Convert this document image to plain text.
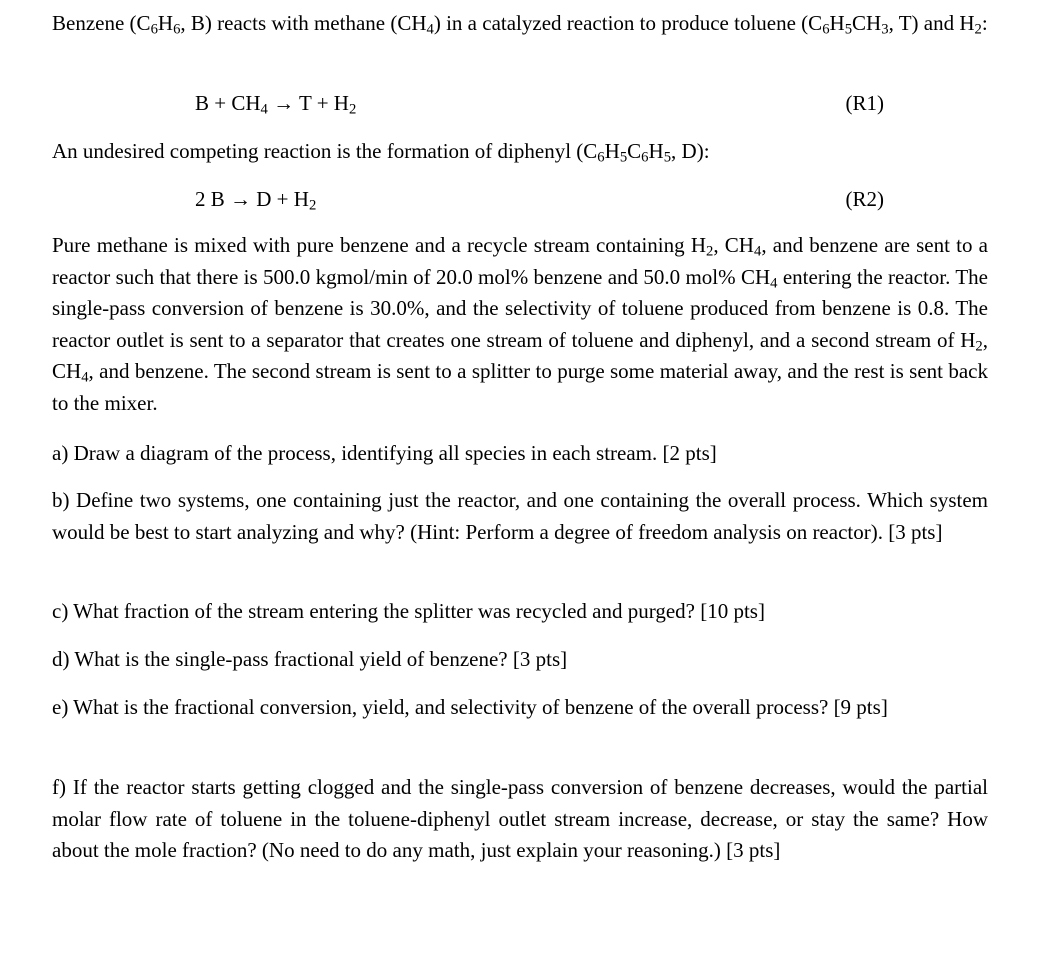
Benzene ($C_6H_6$, B) reacts with methane $(CH_4)$ in a catalyzed reaction to produce toluene ($C_6H_5CH_3$, T) and $H_2$:
$B + CH_4 \to T + H_2$	(R1)
An undesired competing reaction is the formation of diphenyl ($C_6H_5C_6H_5$, D):
2 $B \to D + H_2$	(R2)
Pure methane is mixed with pure benzene and a recycle stream containing $H_2$, $CH_4$, and benzene are sent to a reactor such that there is 500.0 kgmol/min of 20.0 mol% benzene and 50.0 mol% $CH_4$ entering the reactor. The single-pass conversion of benzene is 30.0%, and the selectivity of toluene produced from benzene is 0.8. The reactor outlet is sent to a separator that creates one stream of toluene and diphenyl, and a second stream of $H_2$, $CH_4$, and benzene. The second stream is sent to a splitter to purge some material away, and the rest is sent back to the mixer.
a) Draw a diagram of the process, identifying all species in each stream. [2 pts]
b) Define two systems, one containing just the reactor, and one containing the overall process. Which system would be best to start analyzing and why? (Hint: Perform a degree of freedom analysis on reactor). [3 pts]
c) What fraction of the stream entering the splitter was recycled and purged? [10 pts]
d) What is the single-pass fractional yield of benzene? [3 pts]
e) What is the fractional conversion, yield, and selectivity of benzene of the overall process? [9 pts]
f) If the reactor starts getting clogged and the single-pass conversion of benzene decreases, would the partial molar flow rate of toluene in the toluene-diphenyl outlet stream increase, decrease, or stay the same? How about the mole fraction? (No need to do any math, just explain your reasoning.) [3 pts]
